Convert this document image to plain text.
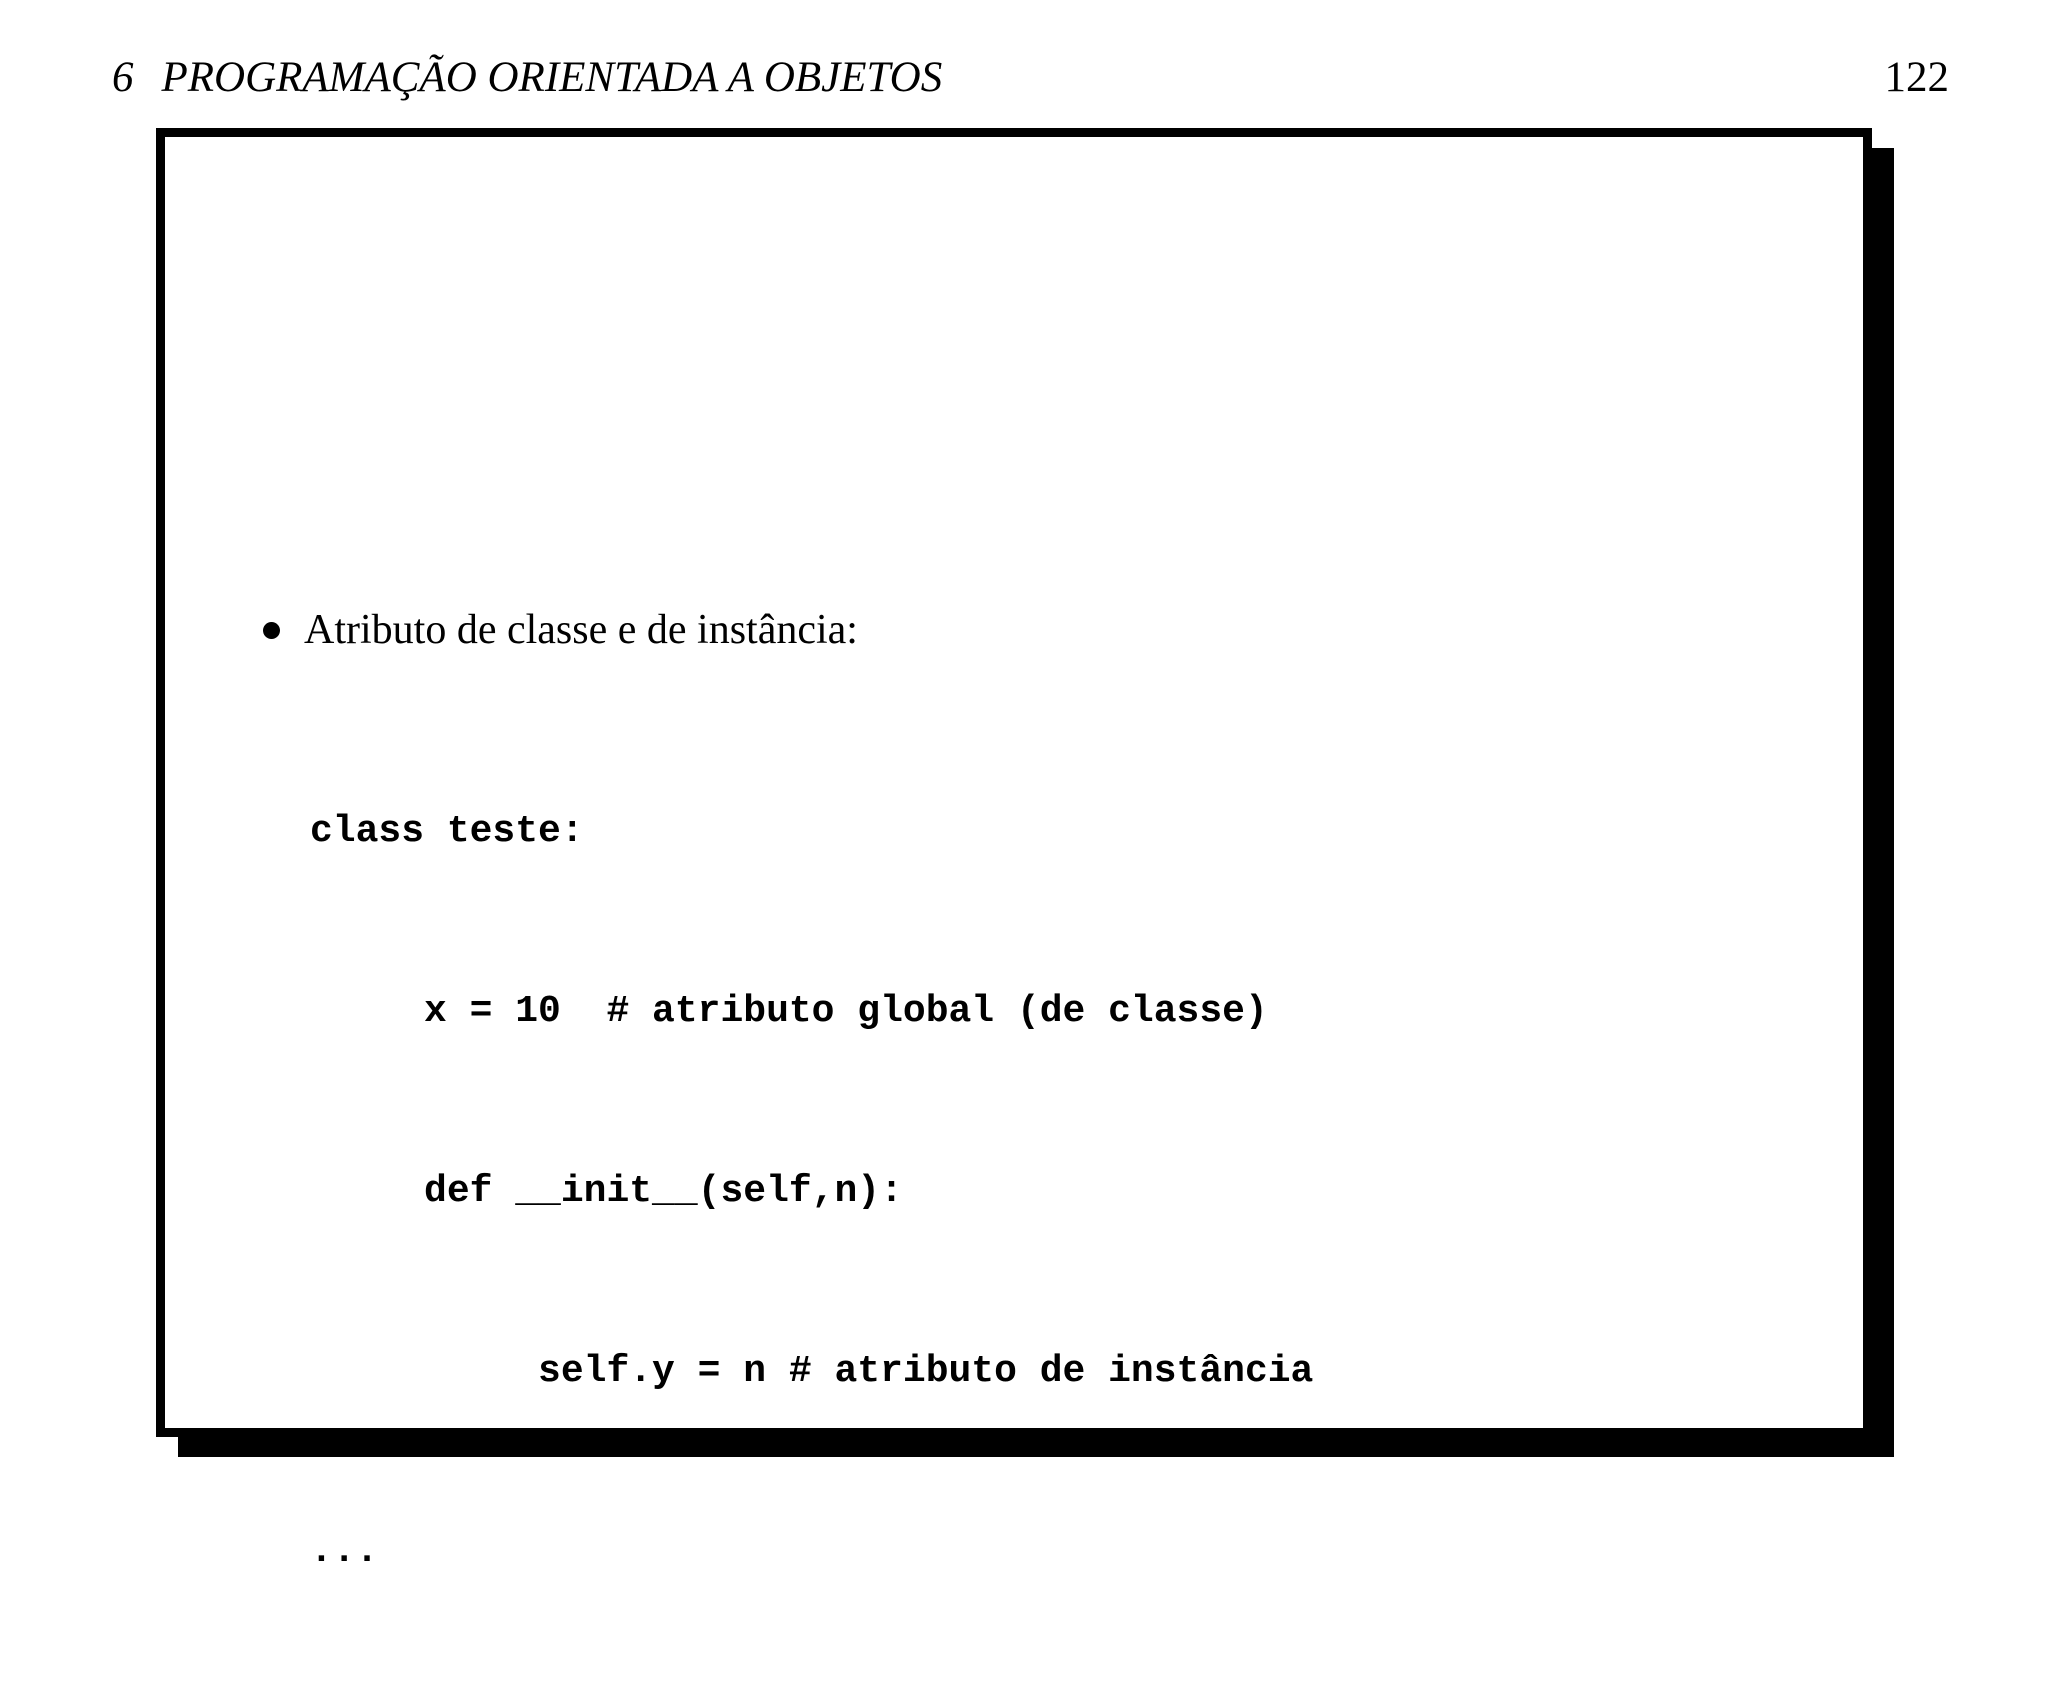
6 PROGRAMAÇÃO ORIENTADA A OBJETOS	122
Atributo de classe e de instância:

class teste:

x = 10  # atributo global (de classe)

def __init__(self,n):

self.y = n # atributo de instância

...
